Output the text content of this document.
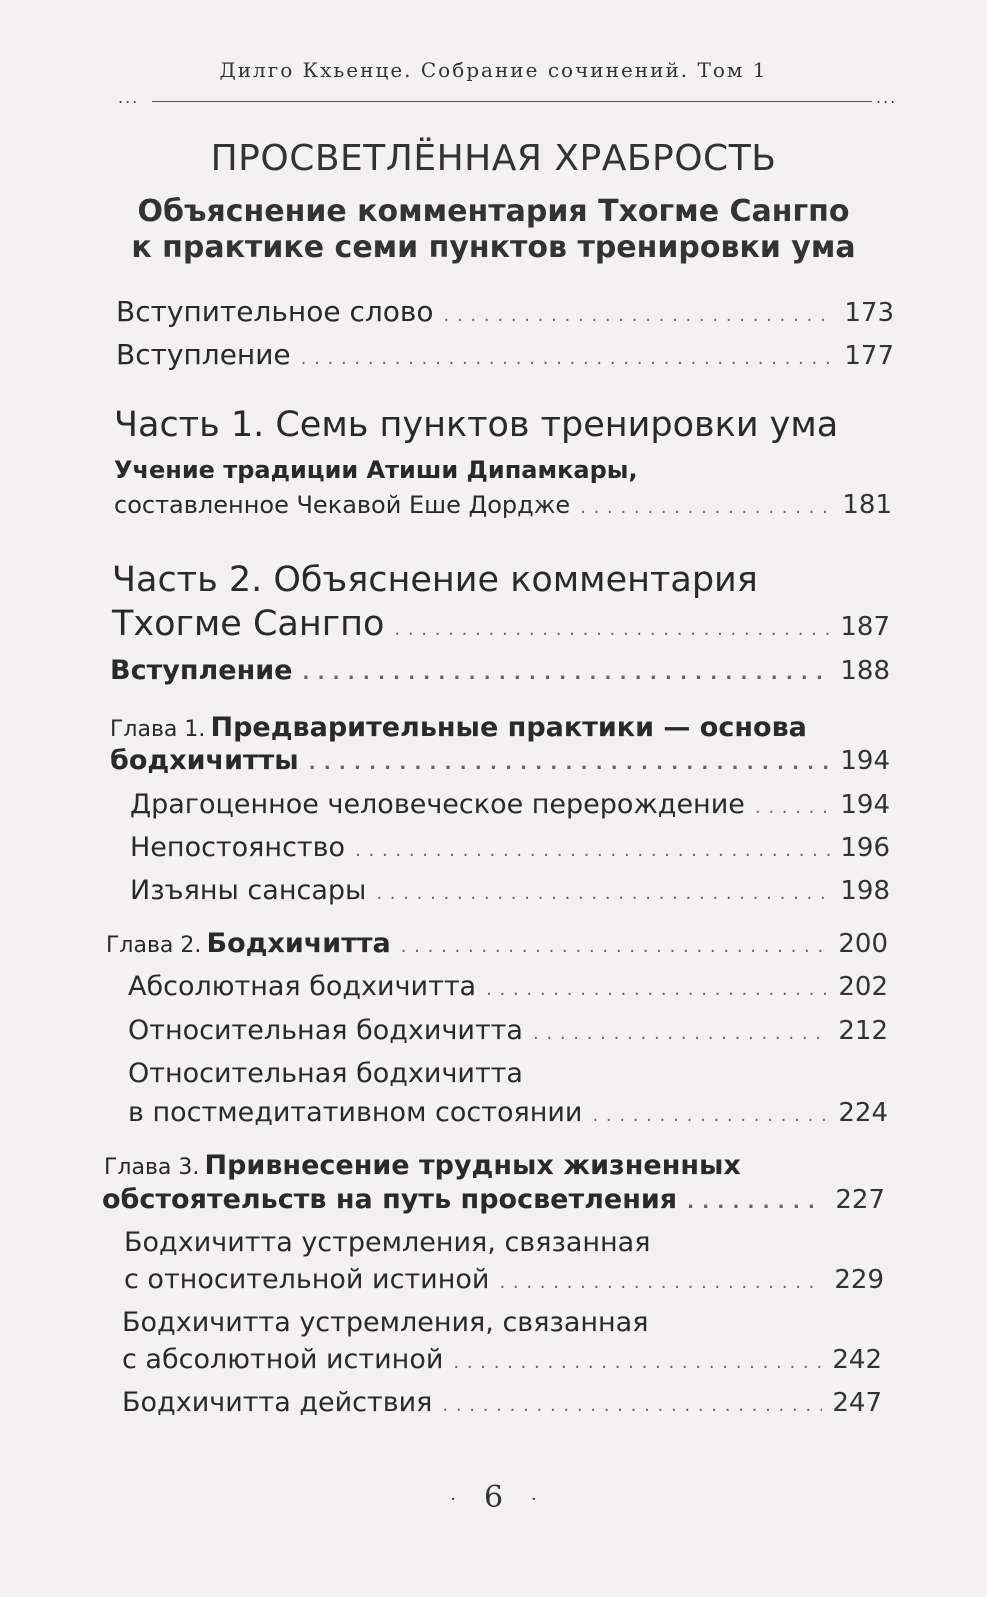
Дилго Кхьенце. Собрание сочинений. Том 1
...	...
ПРОСВЕТЛЁННАЯ ХРАБРОСТЬ
Объяснение комментария Тхогме Сангпо
к практике семи пунктов тренировки ума
Вступительное слово . . .	173
Вступление . . .	177
Часть 1. Семь пунктов тренировки ума
Учение традиции Атиши Дипамкары,
составленное Чекавой Еше Дордже . . .	181
Часть 2. Объяснение комментария
Тхогме Сангпо . . .	187
Вступление . . .	188
Глава 1. Предварительные практики — основа
бодхичитты . . .	194
Драгоценное человеческое перерождение . . .	194
Непостоянство . . .	196
Изъяны сансары . . .	198
Глава 2. Бодхичитта . . .	200
Абсолютная бодхичитта . . .	202
Относительная бодхичитта . . .	212
Относительная бодхичитта
в постмедитативном состоянии . . .	224
Глава 3. Привнесение трудных жизненных
обстоятельств на путь просветления . . .	227
Бодхичитта устремления, связанная
с относительной истиной . . .	229
Бодхичитта устремления, связанная
с абсолютной истиной . . .	242
Бодхичитта действия . . .	247
· 6 ·
